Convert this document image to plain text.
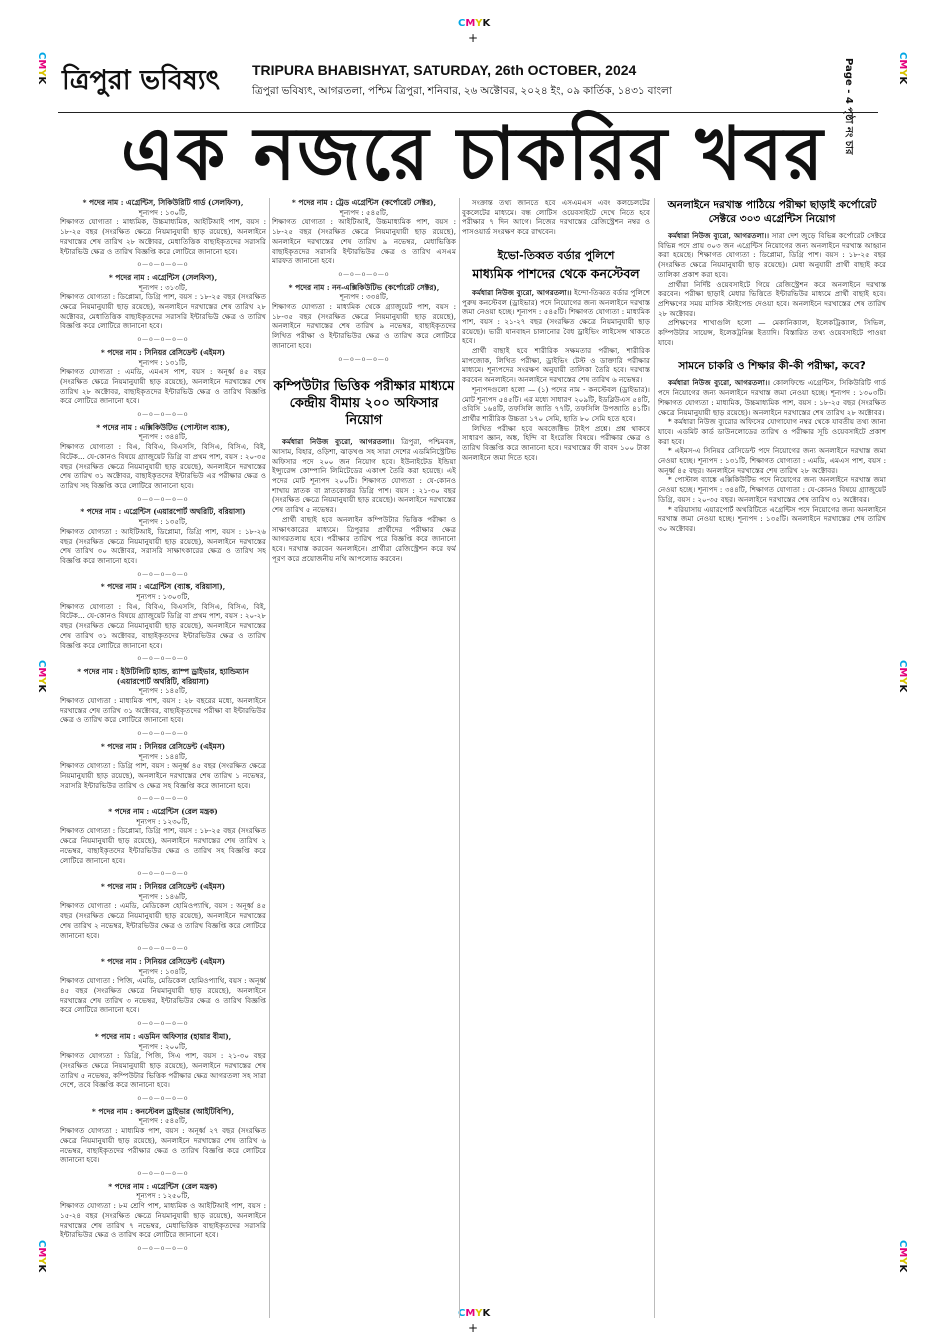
CMYK
+
CMYK
+
CMYK
CMYK
CMYK
CMYK
CMYK
CMYK
ত্রিপুরা ভবিষ্যৎ TRIPURA BHABISHYAT, SATURDAY, 26th OCTOBER, 2024
ত্রিপুরা ভবিষ্যৎ, আগরতলা, পশ্চিম ত্রিপুরা, শনিবার, ২৬ অক্টোবর, ২০২৪ ইং, ০৯ কার্তিক, ১৪৩১ বাংলা	Page - 4 পৃষ্ঠা নং চার
এক নজরে চাকরির খবর
* পদের নাম : এগ্রেন্টিস, সিকিউরিটি গার্ড (সেলফিস),
শূন্যপদ : ১৩০টি,
শিক্ষাগত যোগ্যতা : মাধ্যমিক, উচ্চমাধ্যমিক, আইটিআই পাশ, বয়স : ১৮-২৫ বছর (সংরক্ষিত ক্ষেত্রে নিয়মানুযায়ী ছাড় রয়েছে), অনলাইনে দরখাস্তের শেষ তারিখ ২৮ অক্টোবর, মেধাতিত্তিক বাছাইকৃতদের সরাসরি ইন্টারভিউ্র ক্ষেত্র ও তারিখ বিজ্ঞপ্তি করে লোটিরে জানানো হবে।
o—o—o—o—o
* পদের নাম : এগ্রেন্টিস (সেলফিস),
শূন্যপদ : ৩১৩টি,
শিক্ষাগত যোগ্যতা : ডিপ্লোমা, ডিগ্রি পাশ, বয়স : ১৮-২৫ বছর (সংরক্ষিত ক্ষেত্রে নিয়মানুযায়ী ছাড় রয়েছে), অনলাইনে দরখাস্তের শেষ তারিখ ২৮ অক্টোবর, মেধাতিত্তিক বাছাইকৃতদের সরাসরি ইন্টারভিউ্র ক্ষেত্র ও তারিখ বিজ্ঞপ্তি করে লোটিরে জানানো হবে।
o—o—o—o—o
* পদের নাম : সিনিয়র রেসিডেন্ট (এইমস)
শূন্যপদ : ১৩১টি,
শিক্ষাগত যোগ্যতা : এমডি, এমএস পাশ, বয়স : অনূর্ধ্ব ৪৫ বছর (সংরক্ষিত ক্ষেত্রে নিয়মানুযায়ী ছাড় রয়েছে), অনলাইনে দরখাস্তের শেষ তারিখ ২৮ অক্টোবর, বাছাইকৃতদের ইন্টারভিউ্র ক্ষেত্র ও তারিখ বিজ্ঞপ্তি করে লোটিরে জানানো হবে।
o—o—o—o—o
* পদের নাম : এক্সিকিউটিভ (পোস্টাল ব্যাঙ্ক),
শূন্যপদ : ৩৪৪টি,
শিক্ষাগত যোগ্যতা : বিএ, বিবিএ, বিএসসি, বিসিএ, বিসিএ, বিই, বিটেক... যে-কোনও বিষয়ে গ্র্যাজুয়েট ডিগ্রি বা প্রথম পাশ, বয়স : ২০-৩৫ বছর (সংরক্ষিত ক্ষেত্রে নিয়মানুযায়ী ছাড় রয়েছে), অনলাইনে দরখাস্তের শেষ তারিখ ৩১ অক্টোবর, বাছাইকৃতদের ইন্টারভিউ এর পরীক্ষার ক্ষেত্র ও তারিখ সহ বিজ্ঞপ্তি করে লোটিরে জানানো হবে।
o—o—o—o—o
* পদের নাম : এগ্রেন্টিস (এয়ারপোর্ট অথরিটি, বরিয়াসা)
শূন্যপদ : ১৩৫টি,
শিক্ষাগত যোগ্যতা : আইটিআই, ডিপ্লোমা, ডিগ্রি পাশ, বয়স : ১৮-২৬ বছর (সংরক্ষিত ক্ষেত্রে নিয়মানুযায়ী ছাড় রয়েছে), অনলাইনে দরখাস্তের শেষ তারিখ ৩০ অক্টোবর, সরাসরি সাক্ষাৎকারের ক্ষেত্র ও তারিখ সহ বিজ্ঞপ্তি করে জানানো হবে।
o—o—o—o—o
* পদের নাম : এগ্রেন্টিস (ব্যাঙ্ক, বরিয়াসা),
শূন্যপদ : ১৩০৩টি,
শিক্ষাগত যোগ্যতা : বিএ, বিবিএ, বিএসসি, বিসিএ, বিসিএ, বিই, বিটেক... যে-কোনও বিষয়ে গ্র্যাজুয়েট ডিগ্রি বা প্রথম পাশ, বয়স : ২০-২৮ বছর (সংরক্ষিত ক্ষেত্রে নিয়মানুযায়ী ছাড় রয়েছে), অনলাইনে দরখাস্তের শেষ তারিখ ৩১ অক্টোবর, বাছাইকৃতদের ইন্টারভিউর ক্ষেত্র ও তারিখ বিজ্ঞপ্তি করে লোটিরে জানানো হবে।
o—o—o—o—o
* পদের নাম : ইউটিলিটি হ্যান্ড, র‍্যাম্প ড্রাইভার, হ্যান্ডিম্যান (এয়ারপোর্ট অথরিটি, বরিয়াসা)
শূন্যপদ : ১৪৫টি,
শিক্ষাগত যোগ্যতা : মাধ্যমিক পাশ, বয়স : ২৮ বছরের মধ্যে, অনলাইনে দরখাস্তের শেষ তারিখ ৩১ অক্টোবর, বাছাইকৃতদের পরীক্ষা বা ইন্টারভিউর ক্ষেত্র ও তারিখ করে লোটিরে জানানো হবে।
o—o—o—o—o
* পদের নাম : সিনিয়র রেসিডেন্ট (এইমস)
শূন্যপদ : ১৪৪টি,
শিক্ষাগত যোগ্যতা : ডিগ্রি পাশ, বয়স : অনূর্ধ্ব ৪৫ বছর (সংরক্ষিত ক্ষেত্রে নিয়মানুযায়ী ছাড় রয়েছে), অনলাইনে দরখাস্তের শেষ তারিখ ১ নভেম্বর, সরাসরি ইন্টারভিউর তারিখ ও ক্ষেত্র সহ বিজ্ঞপ্তি করে জানানো হবে।
o—o—o—o—o
* পদের নাম : এগ্রেন্টিস (রেল মন্ত্রক)
শূন্যপদ : ১২৩০টি,
শিক্ষাগত যোগ্যতা : ডিপ্লোমা, ডিগ্রি পাশ, বয়স : ১৮-২৫ বছর (সংরক্ষিত ক্ষেত্রে নিয়মানুযায়ী ছাড় রয়েছে), অনলাইনে দরখাস্তের শেষ তারিখ ২ নভেম্বর, বাছাইকৃতদের ইন্টারভিউর ক্ষেত্র ও তারিখ সহ বিজ্ঞপ্তি করে লোটিরে জানানো হবে।
o—o—o—o—o
* পদের নাম : সিনিয়র রেসিডেন্ট (এইমস)
শূন্যপদ : ১৪৬টি,
শিক্ষাগত যোগ্যতা : এমডি, মেডিকেল হোমিওপ্যাথি, বয়স : অনূর্ধ্ব ৪৫ বছর (সংরক্ষিত ক্ষেত্রে নিয়মানুযায়ী ছাড় রয়েছে), অনলাইনে দরখাস্তের শেষ তারিখ ২ নভেম্বর, ইন্টারভিউর ক্ষেত্র ও তারিখ বিজ্ঞপ্তি করে লোটিরে জানানো হবে।
o—o—o—o—o
* পদের নাম : সিনিয়র রেসিডেন্ট (এইমস)
শূন্যপদ : ১৩৪টি,
শিক্ষাগত যোগ্যতা : পিজি, এমডি, মেডিকেল হোমিওপ্যাথি, বয়স : অনূর্ধ্ব ৪৫ বছর (সংরক্ষিত ক্ষেত্রে নিয়মানুযায়ী ছাড় রয়েছে), অনলাইনে দরখাস্তের শেষ তারিখ ৩ নভেম্বর, ইন্টারভিউর ক্ষেত্র ও তারিখ বিজ্ঞপ্তি করে লোটিরে জানানো হবে।
o—o—o—o—o
* পদের নাম : এডমিন অফিসার (হায়ার বীমা),
শূন্যপদ : ২০০টি,
শিক্ষাগত যোগ্যতা : ডিগ্রি, পিজি, সিএ পাশ, বয়স : ২১-৩০ বছর (সংরক্ষিত ক্ষেত্রে নিয়মানুযায়ী ছাড় রয়েছে), অনলাইনে দরখাস্তের শেষ তারিখ ৫ নভেম্বর, কম্পিউটার ভিত্তিক পরীক্ষার ক্ষেত্র আগরতলা সহ সারা দেশে, তবে বিজ্ঞপ্তি করে জানানো হবে।
o—o—o—o—o
* পদের নাম : কনস্টেবল ড্রাইভার (আইটিবিপি),
শূন্যপদ : ৫৪৫টি,
শিক্ষাগত যোগ্যতা : মাধ্যমিক পাশ, বয়স : অনূর্ধ্ব ২৭ বছর (সংরক্ষিত ক্ষেত্রে নিয়মানুযায়ী ছাড় রয়েছে), অনলাইনে দরখাস্তের শেষ তারিখ ৬ নভেম্বর, বাছাইকৃতদের পরীক্ষার ক্ষেত্র ও তারিখ বিজ্ঞপ্তি করে লোটিরে জানানো হবে।
o—o—o—o—o
* পদের নাম : এগ্রেন্টিস (রেল মন্ত্রক)
শূন্যপদ : ১২৫০টি,
শিক্ষাগত যোগ্যতা : ৮ম শ্রেণি পাশ, মাধ্যমিক ও আইটিআই পাশ, বয়স : ১৫-২৪ বছর (সংরক্ষিত ক্ষেত্রে নিয়মানুযায়ী ছাড় রয়েছে), অনলাইনে দরখাস্তের শেষ তারিখ ৭ নভেম্বর, মেধাভিত্তিক বাছাইকৃতদের সরাসরি ইন্টারভিউর ক্ষেত্র ও তারিখ করে লোটিরে জানানো হবে।
o—o—o—o—o
* পদের নাম : ট্রেড এগ্রেন্টিস (কর্পোরেট সেক্টর),
শূন্যপদ : ৫৪৫টি,
শিক্ষাগত যোগ্যতা : আইটিআই, উচ্চমাধ্যমিক পাশ, বয়স : ১৮-২৫ বছর (সংরক্ষিত ক্ষেত্রে নিয়মানুযায়ী ছাড় রয়েছে), অনলাইনে দরখাস্তের শেষ তারিখ ৯ নভেম্বর, মেধাভিত্তিক বাছাইকৃতদের সরাসরি ইন্টারভিউর ক্ষেত্র ও তারিখ এসএম মারফত জানানো হবে।
o—o—o—o—o
* পদের নাম : নন-এক্সিকিউটিভ (কর্পোরেট সেক্টর),
শূন্যপদ : ৩৩৪টি,
শিক্ষাগত যোগ্যতা : মাধ্যমিক থেকে গ্র্যাজুয়েট পাশ, বয়স : ১৮-৩৫ বছর (সংরক্ষিত ক্ষেত্রে নিয়মানুযায়ী ছাড় রয়েছে), অনলাইনে দরখাস্তের শেষ তারিখ ৯ নভেম্বর, বাছাইকৃতদের লিখিত পরীক্ষা ও ইন্টারভিউর ক্ষেত্র ও তারিখ করে লোটিরে জানানো হবে।
o—o—o—o—o
কম্পিউটার ভিত্তিক পরীক্ষার মাধ্যমে কেন্দ্রীয় বীমায় ২০০ অফিসার নিয়োগ
কর্মধারা নিউজ ব্যুরো, আগরতলা।। ত্রিপুরা, পশ্চিমবঙ্গ, আসাম, বিহার, ওড়িশা, ঝাড়খণ্ড সহ সারা দেশের এডমিনিস্ট্রেটিভ অফিসার পদে ২০০ জন নিয়োগ হবে। ইউনাইটেড ইন্ডিয়া ইন্স্যুরেন্স কোম্পানি লিমিটেডের একাংশ তৈরি করা হয়েছে। এই পদের মোট শূন্যপদ ২০০টি। শিক্ষাগত যোগ্যতা : যে-কোনও শাখায় স্নাতক বা স্নাতকোত্তর ডিগ্রি পাশ। বয়স : ২১-৩০ বছর (সংরক্ষিত ক্ষেত্রে নিয়মানুযায়ী ছাড় রয়েছে)। অনলাইনে দরখাস্তের শেষ তারিখ ৫ নভেম্বর।
প্রার্থী বাছাই হবে অনলাইন কম্পিউটার ভিত্তিক পরীক্ষা ও সাক্ষাৎকারের মাধ্যমে। ত্রিপুরার প্রার্থীদের পরীক্ষার ক্ষেত্র আগরতলায় হবে। পরীক্ষার তারিখ পরে বিজ্ঞপ্তি করে জানানো হবে। দরখাস্ত করবেন অনলাইনে। প্রার্থীরা রেজিস্ট্রেশন করে ফর্ম পূরণ করে প্রয়োজনীয় নথি আপলোড করবেন।
সংক্রান্ত তথ্য জানতে হবে এসএমএস এবং কলচেলটের বুকলেটের মাধ্যমে। বন্ধ লোটিস ওয়েবসাইটে দেখে নিতে হবে পরীক্ষার ৭ দিন আগে। নিজের দরখাস্তের রেজিস্ট্রেশন নম্বর ও পাসওয়ার্ড সংরক্ষণ করে রাখবেন।
ইভো-তিব্বত বর্ডার পুলিশে
মাধ্যমিক পাশদের থেকে কনস্টেবল
কর্মধারা নিউজ ব্যুরো, আগরতলা।। ইন্দো-তিব্বত বর্ডার পুলিশে পুরুষ কনস্টেবল (ড্রাইভার) পদে নিয়োগের জন্য অনলাইনে দরখাস্ত জমা নেওয়া হচ্ছে। শূন্যপদ : ৫৪৫টি। শিক্ষাগত যোগ্যতা : মাধ্যমিক পাশ, বয়স : ২১-২৭ বছর (সংরক্ষিত ক্ষেত্রে নিয়মানুযায়ী ছাড় রয়েছে)। ভারী যানবাহন চালানোর বৈধ ড্রাইভিং লাইসেন্স থাকতে হবে।
প্রার্থী বাছাই হবে শারীরিক সক্ষমতার পরীক্ষা, শারীরিক মাপজোক, লিখিত পরীক্ষা, ড্রাইভিং টেস্ট ও ডাক্তারি পরীক্ষার মাধ্যমে। শূন্যপদের সংরক্ষণ অনুযায়ী তালিকা তৈরি হবে। দরখাস্ত করবেন অনলাইনে। অনলাইনে দরখাস্তের শেষ তারিখ ৬ নভেম্বর।
শূন্যপদগুলো হলো — (১) পদের নাম - কনস্টেবল (ড্রাইভার)। মোট শূন্যপদ ৫৪৫টি। এর মধ্যে সাধারণ ২০৯টি, ইডব্লিউএস ৫৪টি, ওবিসি ১৬৪টি, তফসিলি জাতি ৭৭টি, তফসিলি উপজাতি ৪১টি। প্রার্থীর শারীরিক উচ্চতা ১৭০ সেমি, ছাতি ৮০ সেমি হতে হবে।
লিখিত পরীক্ষা হবে অবজেক্টিভ টাইপ প্রশ্নে। প্রশ্ন থাকবে সাধারণ জ্ঞান, অঙ্ক, হিন্দি বা ইংরেজি বিষয়ে। পরীক্ষার ক্ষেত্র ও তারিখ বিজ্ঞপ্তি করে জানানো হবে। দরখাস্তের ফী বাবদ ১০০ টাকা অনলাইনে জমা দিতে হবে।
অনলাইনে দরখাস্ত পাঠিয়ে পরীক্ষা ছাড়াই কর্পোরেট সেক্টরে ৩০৩ এগ্রেন্টিস নিয়োগ
কর্মধারা নিউজ ব্যুরো, আগরতলা।। সারা দেশ জুড়ে বিভিন্ন কর্পোরেট সেক্টরে বিভিন্ন পদে প্রায় ৩০৩ জন এগ্রেন্টিস নিয়োগের জন্য অনলাইনে দরখাস্ত আহ্বান করা হয়েছে। শিক্ষাগত যোগ্যতা : ডিপ্লোমা, ডিগ্রি পাশ। বয়স : ১৮-২৫ বছর (সংরক্ষিত ক্ষেত্রে নিয়মানুযায়ী ছাড় রয়েছে)। মেধা অনুযায়ী প্রার্থী বাছাই করে তালিকা প্রকাশ করা হবে।
প্রার্থীরা নির্দিষ্ট ওয়েবসাইটে গিয়ে রেজিস্ট্রেশন করে অনলাইনে দরখাস্ত করবেন। পরীক্ষা ছাড়াই মেধার ভিত্তিতে ইন্টারভিউর মাধ্যমে প্রার্থী বাছাই হবে। প্রশিক্ষণের সময় মাসিক স্টাইপেন্ড দেওয়া হবে। অনলাইনে দরখাস্তের শেষ তারিখ ২৮ অক্টোবর।
প্রশিক্ষণের শাখাগুলি হলো — মেকানিক্যাল, ইলেকট্রিক্যাল, সিভিল, কম্পিউটার সায়েন্স, ইলেকট্রনিক্স ইত্যাদি। বিস্তারিত তথ্য ওয়েবসাইটে পাওয়া যাবে।
সামনে চাকরি ও শিক্ষার কী-কী পরীক্ষা, কবে?
কর্মধারা নিউজ ব্যুরো, আগরতলা।। কোলফিল্ডে এগ্রেন্টিস, সিকিউরিটি গার্ড পদে নিয়োগের জন্য অনলাইনে দরখাস্ত জমা নেওয়া হচ্ছে। শূন্যপদ : ১৩০৩টি। শিক্ষাগত যোগ্যতা : মাধ্যমিক, উচ্চমাধ্যমিক পাশ, বয়স : ১৮-২৫ বছর (সংরক্ষিত ক্ষেত্রে নিয়মানুযায়ী ছাড় রয়েছে)। অনলাইনে দরখাস্তের শেষ তারিখ ২৮ অক্টোবর।
* কর্মধারা নিউজ ব্যুরোর অফিসের যোগাযোগ নম্বর থেকে যাবতীয় তথ্য জানা যাবে। এডমিট কার্ড ডাউনলোডের তারিখ ও পরীক্ষার সূচি ওয়েবসাইটে প্রকাশ করা হবে।
* এইমস-এ সিনিয়র রেসিডেন্ট পদে নিয়োগের জন্য অনলাইনে দরখাস্ত জমা নেওয়া হচ্ছে। শূন্যপদ : ১৩১টি, শিক্ষাগত যোগ্যতা : এমডি, এমএস পাশ, বয়স : অনূর্ধ্ব ৪৫ বছর। অনলাইনে দরখাস্তের শেষ তারিখ ২৮ অক্টোবর।
* পোস্টাল ব্যাঙ্কে এক্সিকিউটিভ পদে নিয়োগের জন্য অনলাইনে দরখাস্ত জমা নেওয়া হচ্ছে। শূন্যপদ : ৩৪৪টি, শিক্ষাগত যোগ্যতা : যে-কোনও বিষয়ে গ্র্যাজুয়েট ডিগ্রি, বয়স : ২০-৩৫ বছর। অনলাইনে দরখাস্তের শেষ তারিখ ৩১ অক্টোবর।
* বরিয়াসায় এয়ারপোর্ট অথরিটিতে এগ্রেন্টিস পদে নিয়োগের জন্য অনলাইনে দরখাস্ত জমা নেওয়া হচ্ছে। শূন্যপদ : ১৩৫টি। অনলাইনে দরখাস্তের শেষ তারিখ ৩০ অক্টোবর।
